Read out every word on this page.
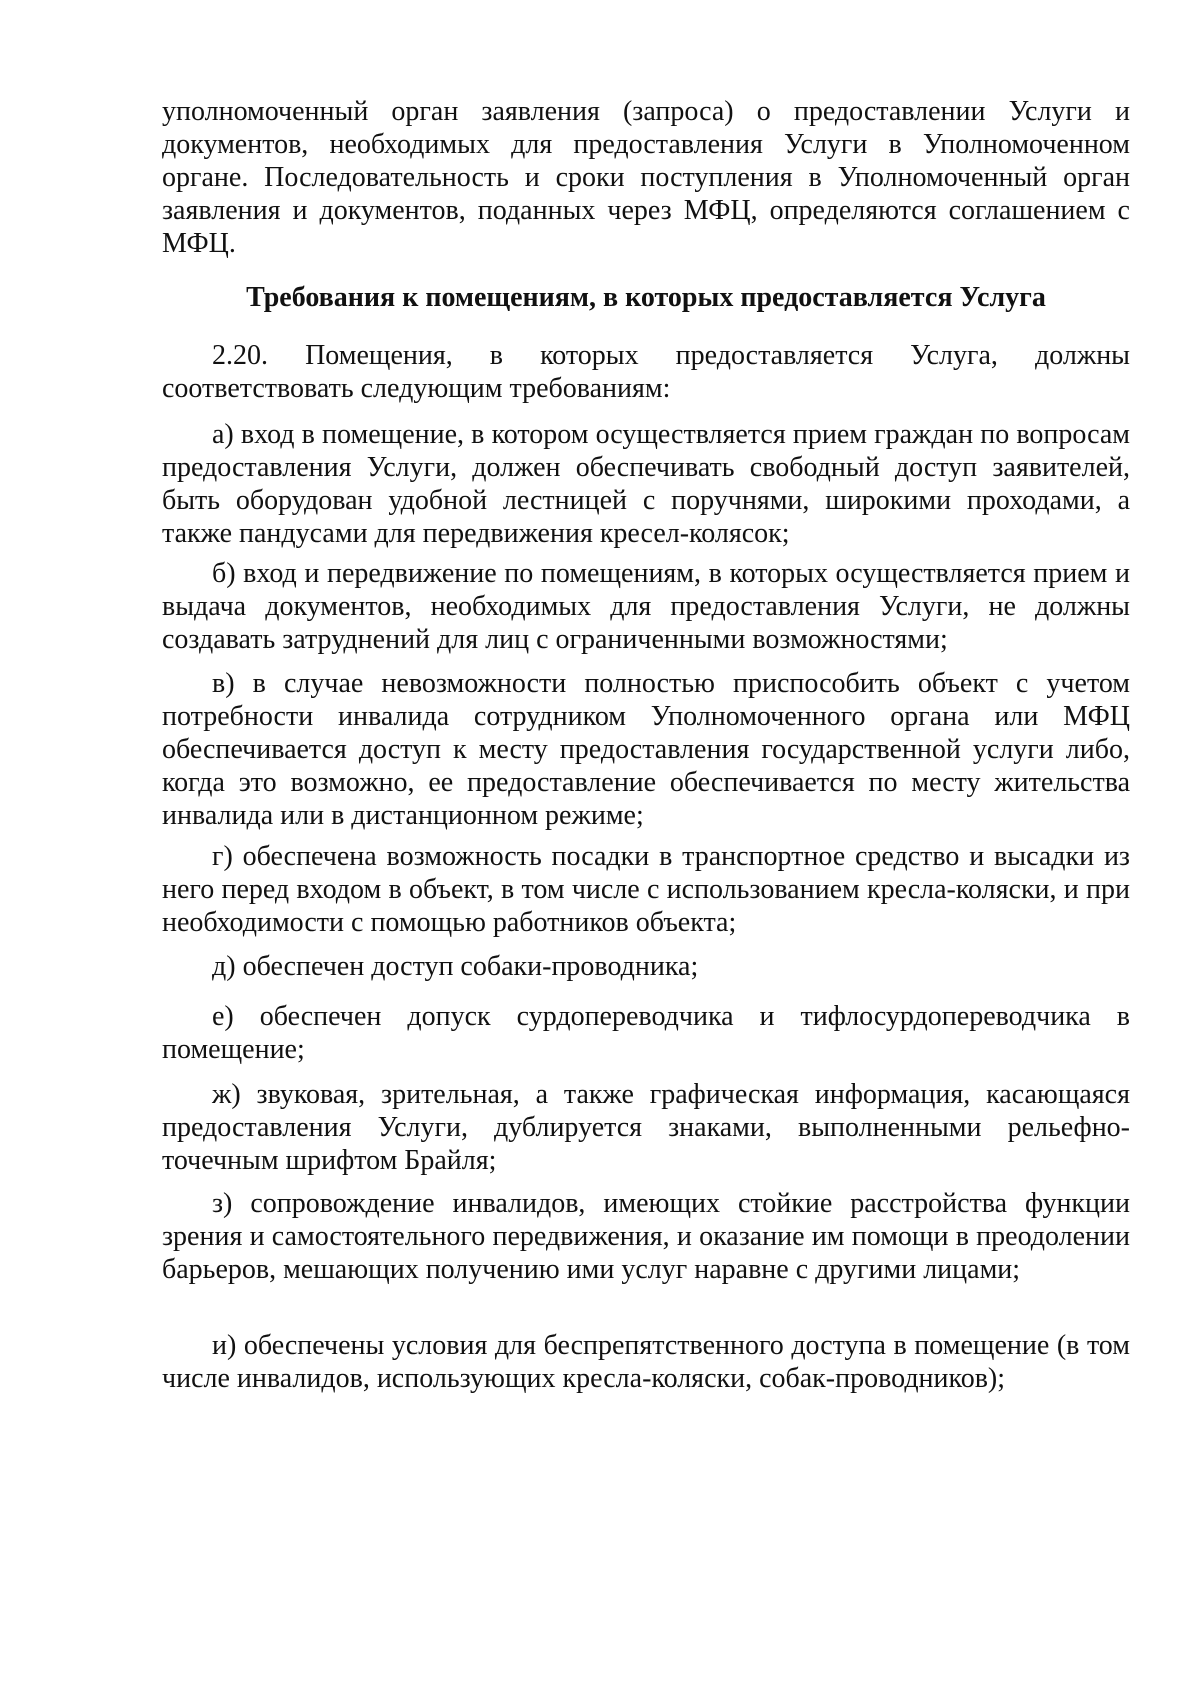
уполномоченный орган заявления (запроса) о предоставлении Услуги и документов, необходимых для предоставления Услуги в Уполномоченном органе. Последовательность и сроки поступления в Уполномоченный орган заявления и документов, поданных через МФЦ, определяются соглашением с МФЦ.

Требования к помещениям, в которых предоставляется Услуга

2.20. Помещения, в которых предоставляется Услуга, должны соответствовать следующим требованиям:

а) вход в помещение, в котором осуществляется прием граждан по вопросам предоставления Услуги, должен обеспечивать свободный доступ заявителей, быть оборудован удобной лестницей с поручнями, широкими проходами, а также пандусами для передвижения кресел-колясок;

б) вход и передвижение по помещениям, в которых осуществляется прием и выдача документов, необходимых для предоставления Услуги, не должны создавать затруднений для лиц с ограниченными возможностями;

в) в случае невозможности полностью приспособить объект с учетом потребности инвалида сотрудником Уполномоченного органа или МФЦ обеспечивается доступ к месту предоставления государственной услуги либо, когда это возможно, ее предоставление обеспечивается по месту жительства инвалида или в дистанционном режиме;

г) обеспечена возможность посадки в транспортное средство и высадки из него перед входом в объект, в том числе с использованием кресла-коляски, и при необходимости с помощью работников объекта;

д) обеспечен доступ собаки-проводника;

е) обеспечен допуск сурдопереводчика и тифлосурдопереводчика в помещение;

ж) звуковая, зрительная, а также графическая информация, касающаяся предоставления Услуги, дублируется знаками, выполненными рельефно-точечным шрифтом Брайля;

з) сопровождение инвалидов, имеющих стойкие расстройства функции зрения и самостоятельного передвижения, и оказание им помощи в преодолении барьеров, мешающих получению ими услуг наравне с другими лицами;

и) обеспечены условия для беспрепятственного доступа в помещение (в том числе инвалидов, использующих кресла-коляски, собак-проводников);
